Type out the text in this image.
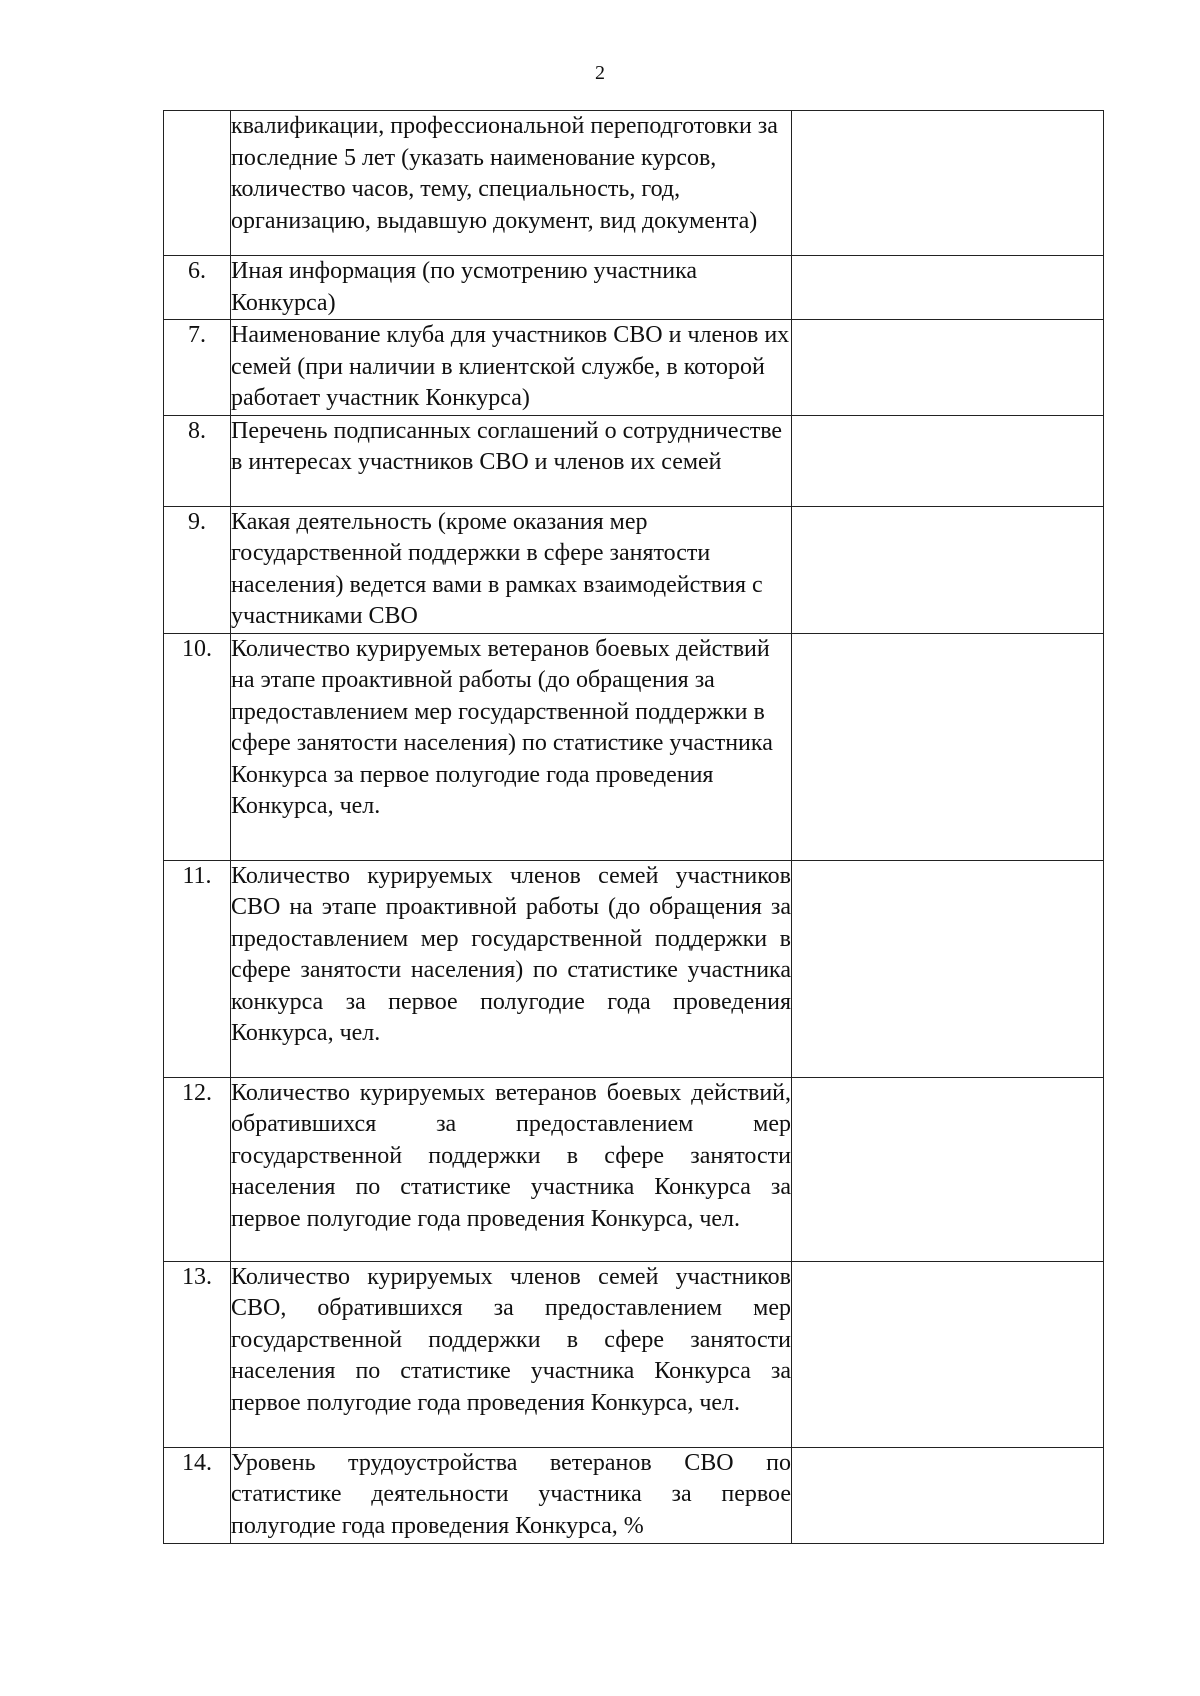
2

	квалификации, профессиональной переподготовки за последние 5 лет (указать наименование курсов, количество часов, тему, специальность, год, организацию, выдавшую документ, вид документа)	

6.	Иная информация (по усмотрению участника Конкурса)	

7.	Наименование клуба для участников СВО и членов их семей (при наличии в клиентской службе, в которой работает участник Конкурса)	

8.	Перечень подписанных соглашений о сотрудничестве в интересах участников СВО и членов их семей	

9.	Какая деятельность (кроме оказания мер государственной поддержки в сфере занятости населения) ведется вами в рамках взаимодействия с участниками СВО	

10.	Количество курируемых ветеранов боевых действий на этапе проактивной работы (до обращения за предоставлением мер государственной поддержки в сфере занятости населения) по статистике участника Конкурса за первое полугодие года проведения Конкурса, чел.	

11.	Количество курируемых членов семей участников СВО на этапе проактивной работы (до обращения за предоставлением мер государственной поддержки в сфере занятости населения) по статистике участника конкурса за первое полугодие года проведения Конкурса, чел.	

12.	Количество курируемых ветеранов боевых действий, обратившихся за предоставлением мер государственной поддержки в сфере занятости населения по статистике участника Конкурса за первое полугодие года проведения Конкурса, чел.	

13.	Количество курируемых членов семей участников СВО, обратившихся за предоставлением мер государственной поддержки в сфере занятости населения по статистике участника Конкурса за первое полугодие года проведения Конкурса, чел.	

14.	Уровень трудоустройства ветеранов СВО по статистике деятельности участника за первое полугодие года проведения Конкурса, %	
